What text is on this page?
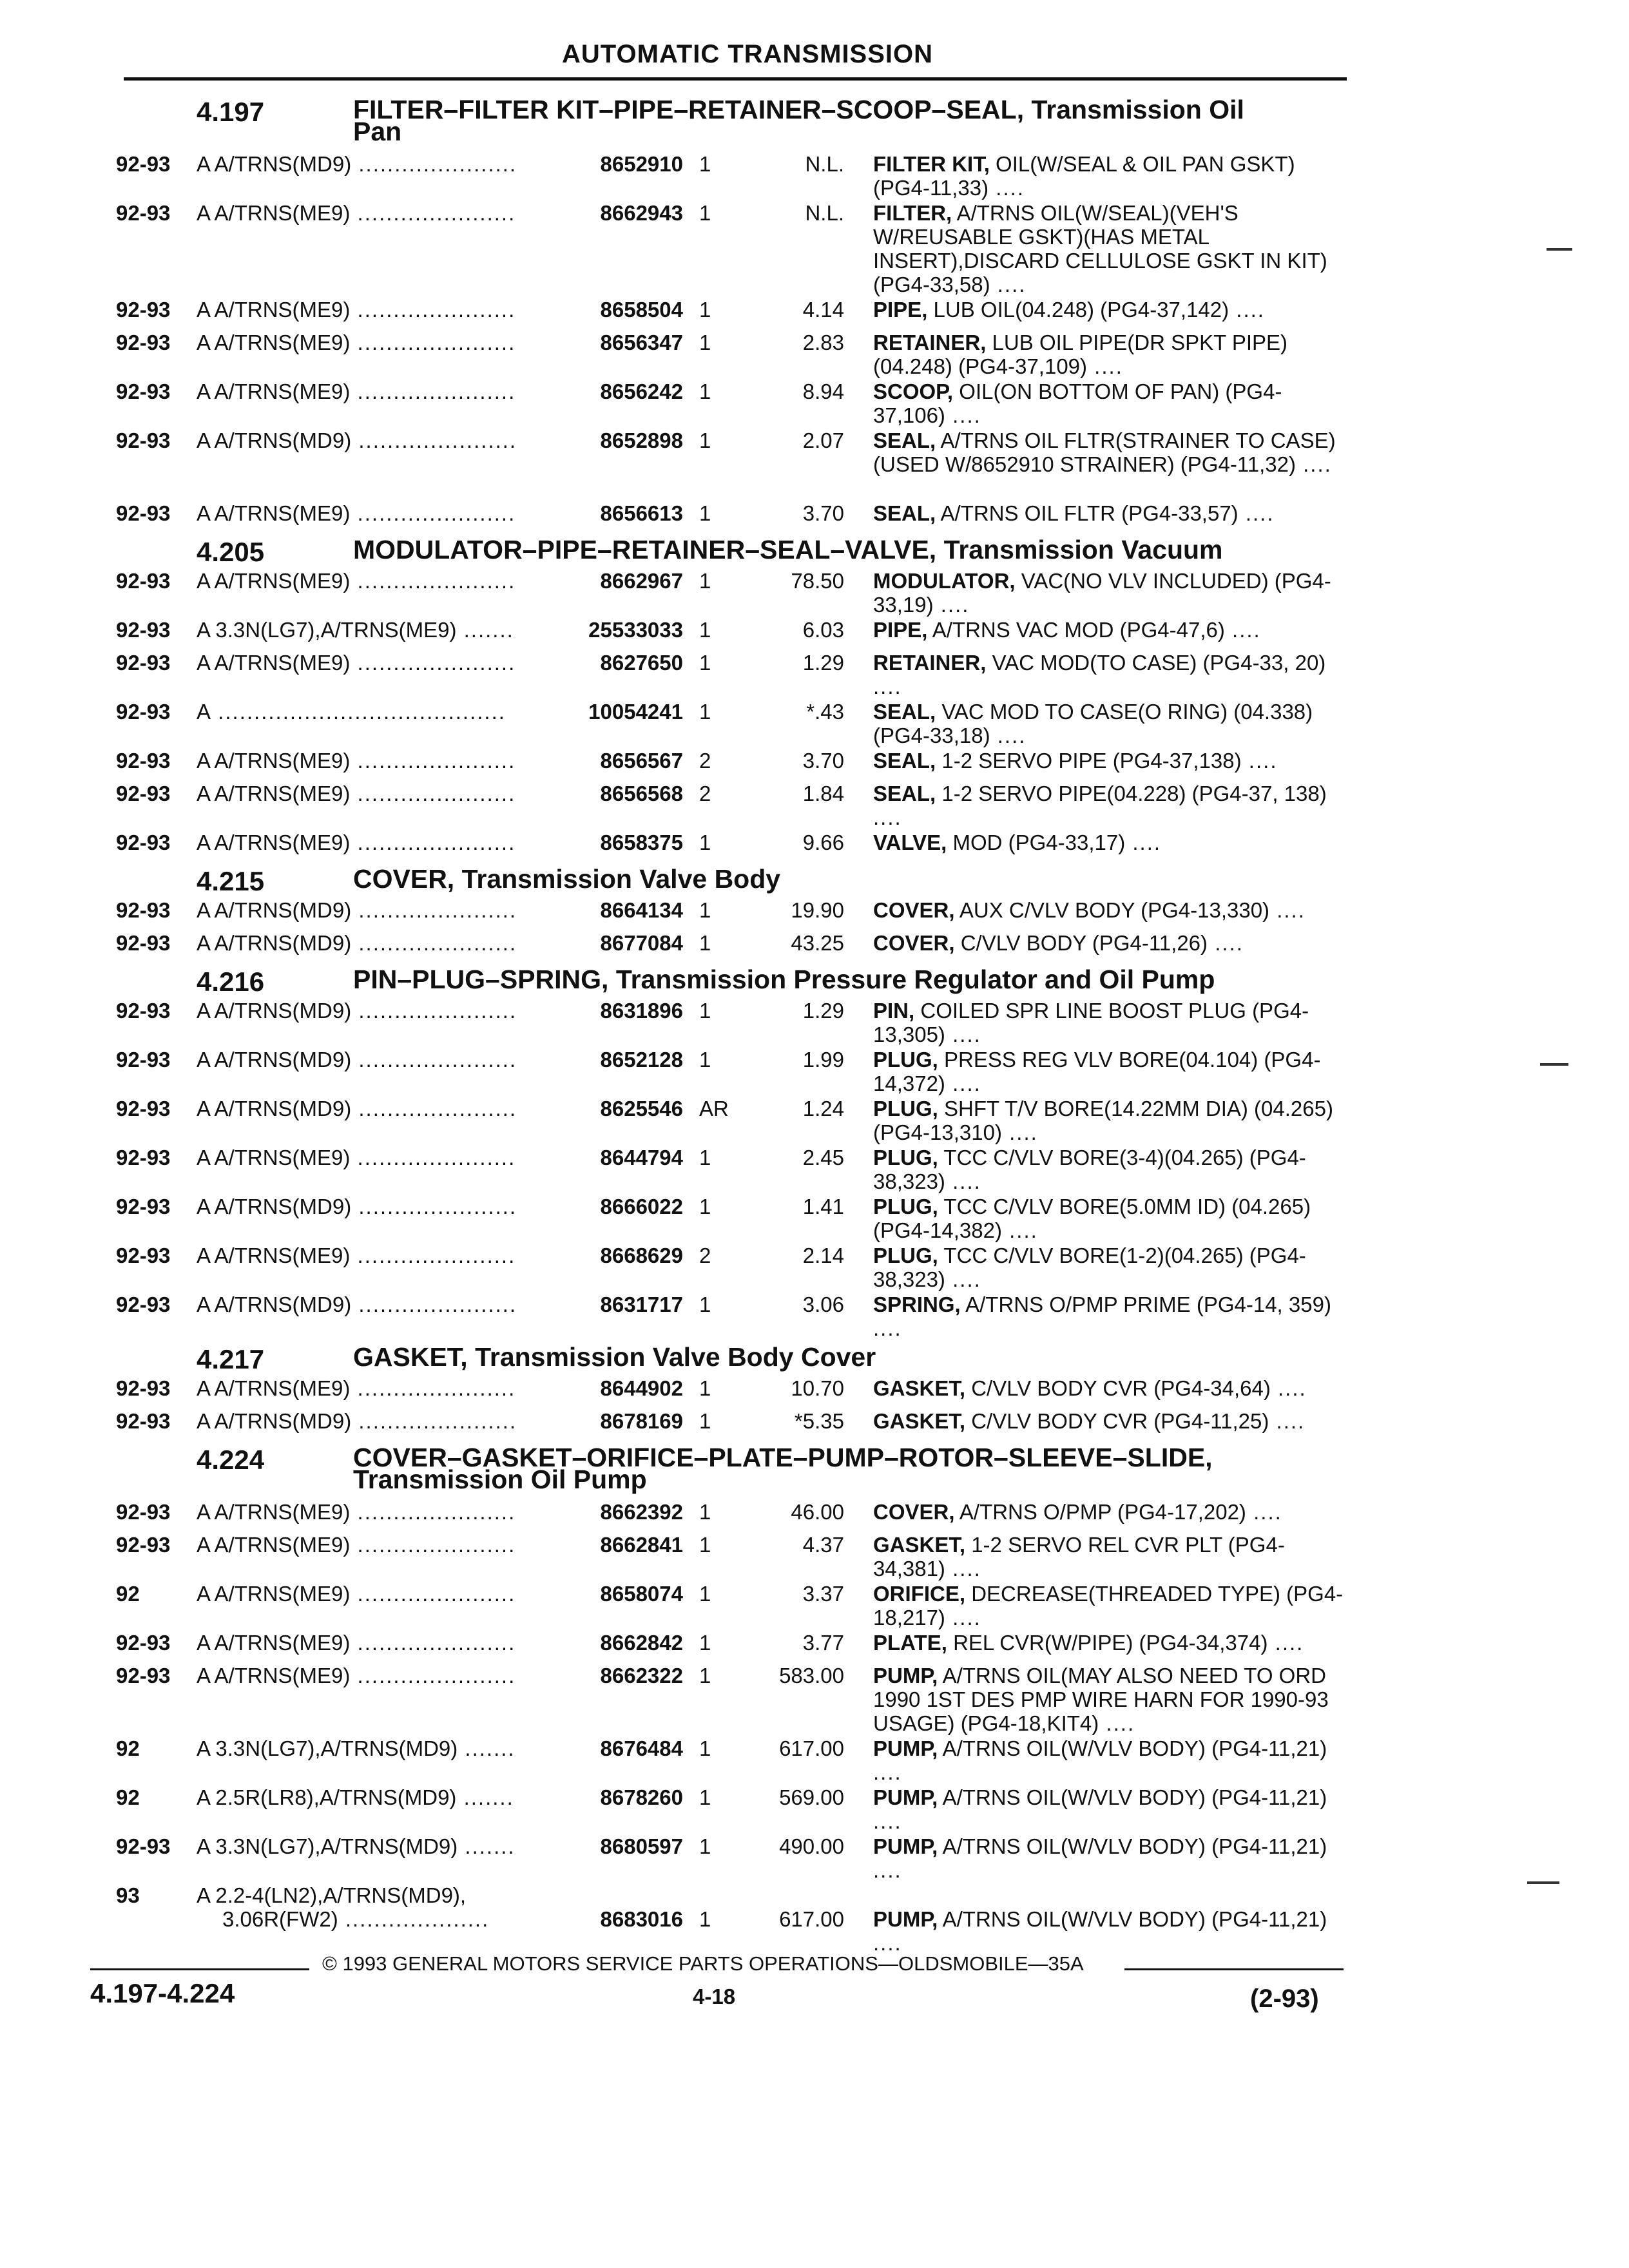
AUTOMATIC TRANSMISSION
4.197	FILTER–FILTER KIT–PIPE–RETAINER–SCOOP–SEAL, Transmission Oil
Pan
92-93	A A/TRNS(MD9) ......................	8652910 1	N.L. FILTER KIT, OIL(W/SEAL & OIL PAN GSKT) (PG4-11,33) ....
92-93	A A/TRNS(ME9) ......................	8662943 1	N.L. FILTER, A/TRNS OIL(W/SEAL)(VEH'S W/REUSABLE GSKT)(HAS METAL INSERT),DISCARD CELLULOSE GSKT IN KIT) (PG4-33,58) ....
92-93	A A/TRNS(ME9) ......................	8658504 1	4.14 PIPE, LUB OIL(04.248) (PG4-37,142) ....
92-93	A A/TRNS(ME9) ......................	8656347 1	2.83 RETAINER, LUB OIL PIPE(DR SPKT PIPE) (04.248) (PG4-37,109) ....
92-93	A A/TRNS(ME9) ......................	8656242 1	8.94 SCOOP, OIL(ON BOTTOM OF PAN) (PG4-37,106) ....
92-93	A A/TRNS(MD9) ......................	8652898 1	2.07 SEAL, A/TRNS OIL FLTR(STRAINER TO CASE)(USED W/8652910 STRAINER) (PG4-11,32) ....
92-93	A A/TRNS(ME9) ......................	8656613 1	3.70 SEAL, A/TRNS OIL FLTR (PG4-33,57) ....
4.205	MODULATOR–PIPE–RETAINER–SEAL–VALVE, Transmission Vacuum
92-93	A A/TRNS(ME9) ......................	8662967 1	78.50 MODULATOR, VAC(NO VLV INCLUDED) (PG4-33,19) ....
92-93	A 3.3N(LG7),A/TRNS(ME9) .......	25533033 1	6.03 PIPE, A/TRNS VAC MOD (PG4-47,6) ....
92-93	A A/TRNS(ME9) ......................	8627650 1	1.29 RETAINER, VAC MOD(TO CASE) (PG4-33, 20) ....
92-93	A ........................................	10054241 1	*.43 SEAL, VAC MOD TO CASE(O RING) (04.338) (PG4-33,18) ....
92-93	A A/TRNS(ME9) ......................	8656567 2	3.70 SEAL, 1-2 SERVO PIPE (PG4-37,138) ....
92-93	A A/TRNS(ME9) ......................	8656568 2	1.84 SEAL, 1-2 SERVO PIPE(04.228) (PG4-37, 138) ....
92-93	A A/TRNS(ME9) ......................	8658375 1	9.66 VALVE, MOD (PG4-33,17) ....
4.215	COVER, Transmission Valve Body
92-93	A A/TRNS(MD9) ......................	8664134 1	19.90 COVER, AUX C/VLV BODY (PG4-13,330) ....
92-93	A A/TRNS(MD9) ......................	8677084 1	43.25 COVER, C/VLV BODY (PG4-11,26) ....
4.216	PIN–PLUG–SPRING, Transmission Pressure Regulator and Oil Pump
92-93	A A/TRNS(MD9) ......................	8631896 1	1.29 PIN, COILED SPR LINE BOOST PLUG (PG4-13,305) ....
92-93	A A/TRNS(MD9) ......................	8652128 1	1.99 PLUG, PRESS REG VLV BORE(04.104) (PG4-14,372) ....
92-93	A A/TRNS(MD9) ......................	8625546 AR	1.24 PLUG, SHFT T/V BORE(14.22MM DIA) (04.265) (PG4-13,310) ....
92-93	A A/TRNS(ME9) ......................	8644794 1	2.45 PLUG, TCC C/VLV BORE(3-4)(04.265) (PG4-38,323) ....
92-93	A A/TRNS(MD9) ......................	8666022 1	1.41 PLUG, TCC C/VLV BORE(5.0MM ID) (04.265) (PG4-14,382) ....
92-93	A A/TRNS(ME9) ......................	8668629 2	2.14 PLUG, TCC C/VLV BORE(1-2)(04.265) (PG4-38,323) ....
92-93	A A/TRNS(MD9) ......................	8631717 1	3.06 SPRING, A/TRNS O/PMP PRIME (PG4-14, 359) ....
4.217	GASKET, Transmission Valve Body Cover
92-93	A A/TRNS(ME9) ......................	8644902 1	10.70 GASKET, C/VLV BODY CVR (PG4-34,64) ....
92-93	A A/TRNS(MD9) ......................	8678169 1	*5.35 GASKET, C/VLV BODY CVR (PG4-11,25) ....
4.224	COVER–GASKET–ORIFICE–PLATE–PUMP–ROTOR–SLEEVE–SLIDE,
Transmission Oil Pump
92-93	A A/TRNS(ME9) ......................	8662392 1	46.00 COVER, A/TRNS O/PMP (PG4-17,202) ....
92-93	A A/TRNS(ME9) ......................	8662841 1	4.37 GASKET, 1-2 SERVO REL CVR PLT (PG4-34,381) ....
92	A A/TRNS(ME9) ......................	8658074 1	3.37 ORIFICE, DECREASE(THREADED TYPE) (PG4-18,217) ....
92-93	A A/TRNS(ME9) ......................	8662842 1	3.77 PLATE, REL CVR(W/PIPE) (PG4-34,374) ....
92-93	A A/TRNS(ME9) ......................	8662322 1	583.00 PUMP, A/TRNS OIL(MAY ALSO NEED TO ORD 1990 1ST DES PMP WIRE HARN FOR 1990-93 USAGE) (PG4-18,KIT4) ....
92	A 3.3N(LG7),A/TRNS(MD9) .......	8676484 1	617.00 PUMP, A/TRNS OIL(W/VLV BODY) (PG4-11,21) ....
92	A 2.5R(LR8),A/TRNS(MD9) .......	8678260 1	569.00 PUMP, A/TRNS OIL(W/VLV BODY) (PG4-11,21) ....
92-93	A 3.3N(LG7),A/TRNS(MD9) .......	8680597 1	490.00 PUMP, A/TRNS OIL(W/VLV BODY) (PG4-11,21) ....
93	A 2.2-4(LN2),A/TRNS(MD9),
3.06R(FW2) ....................	8683016 1	617.00 PUMP, A/TRNS OIL(W/VLV BODY) (PG4-11,21) ....
© 1993 GENERAL MOTORS SERVICE PARTS OPERATIONS—OLDSMOBILE—35A
4.197-4.224	4-18	(2-93)
